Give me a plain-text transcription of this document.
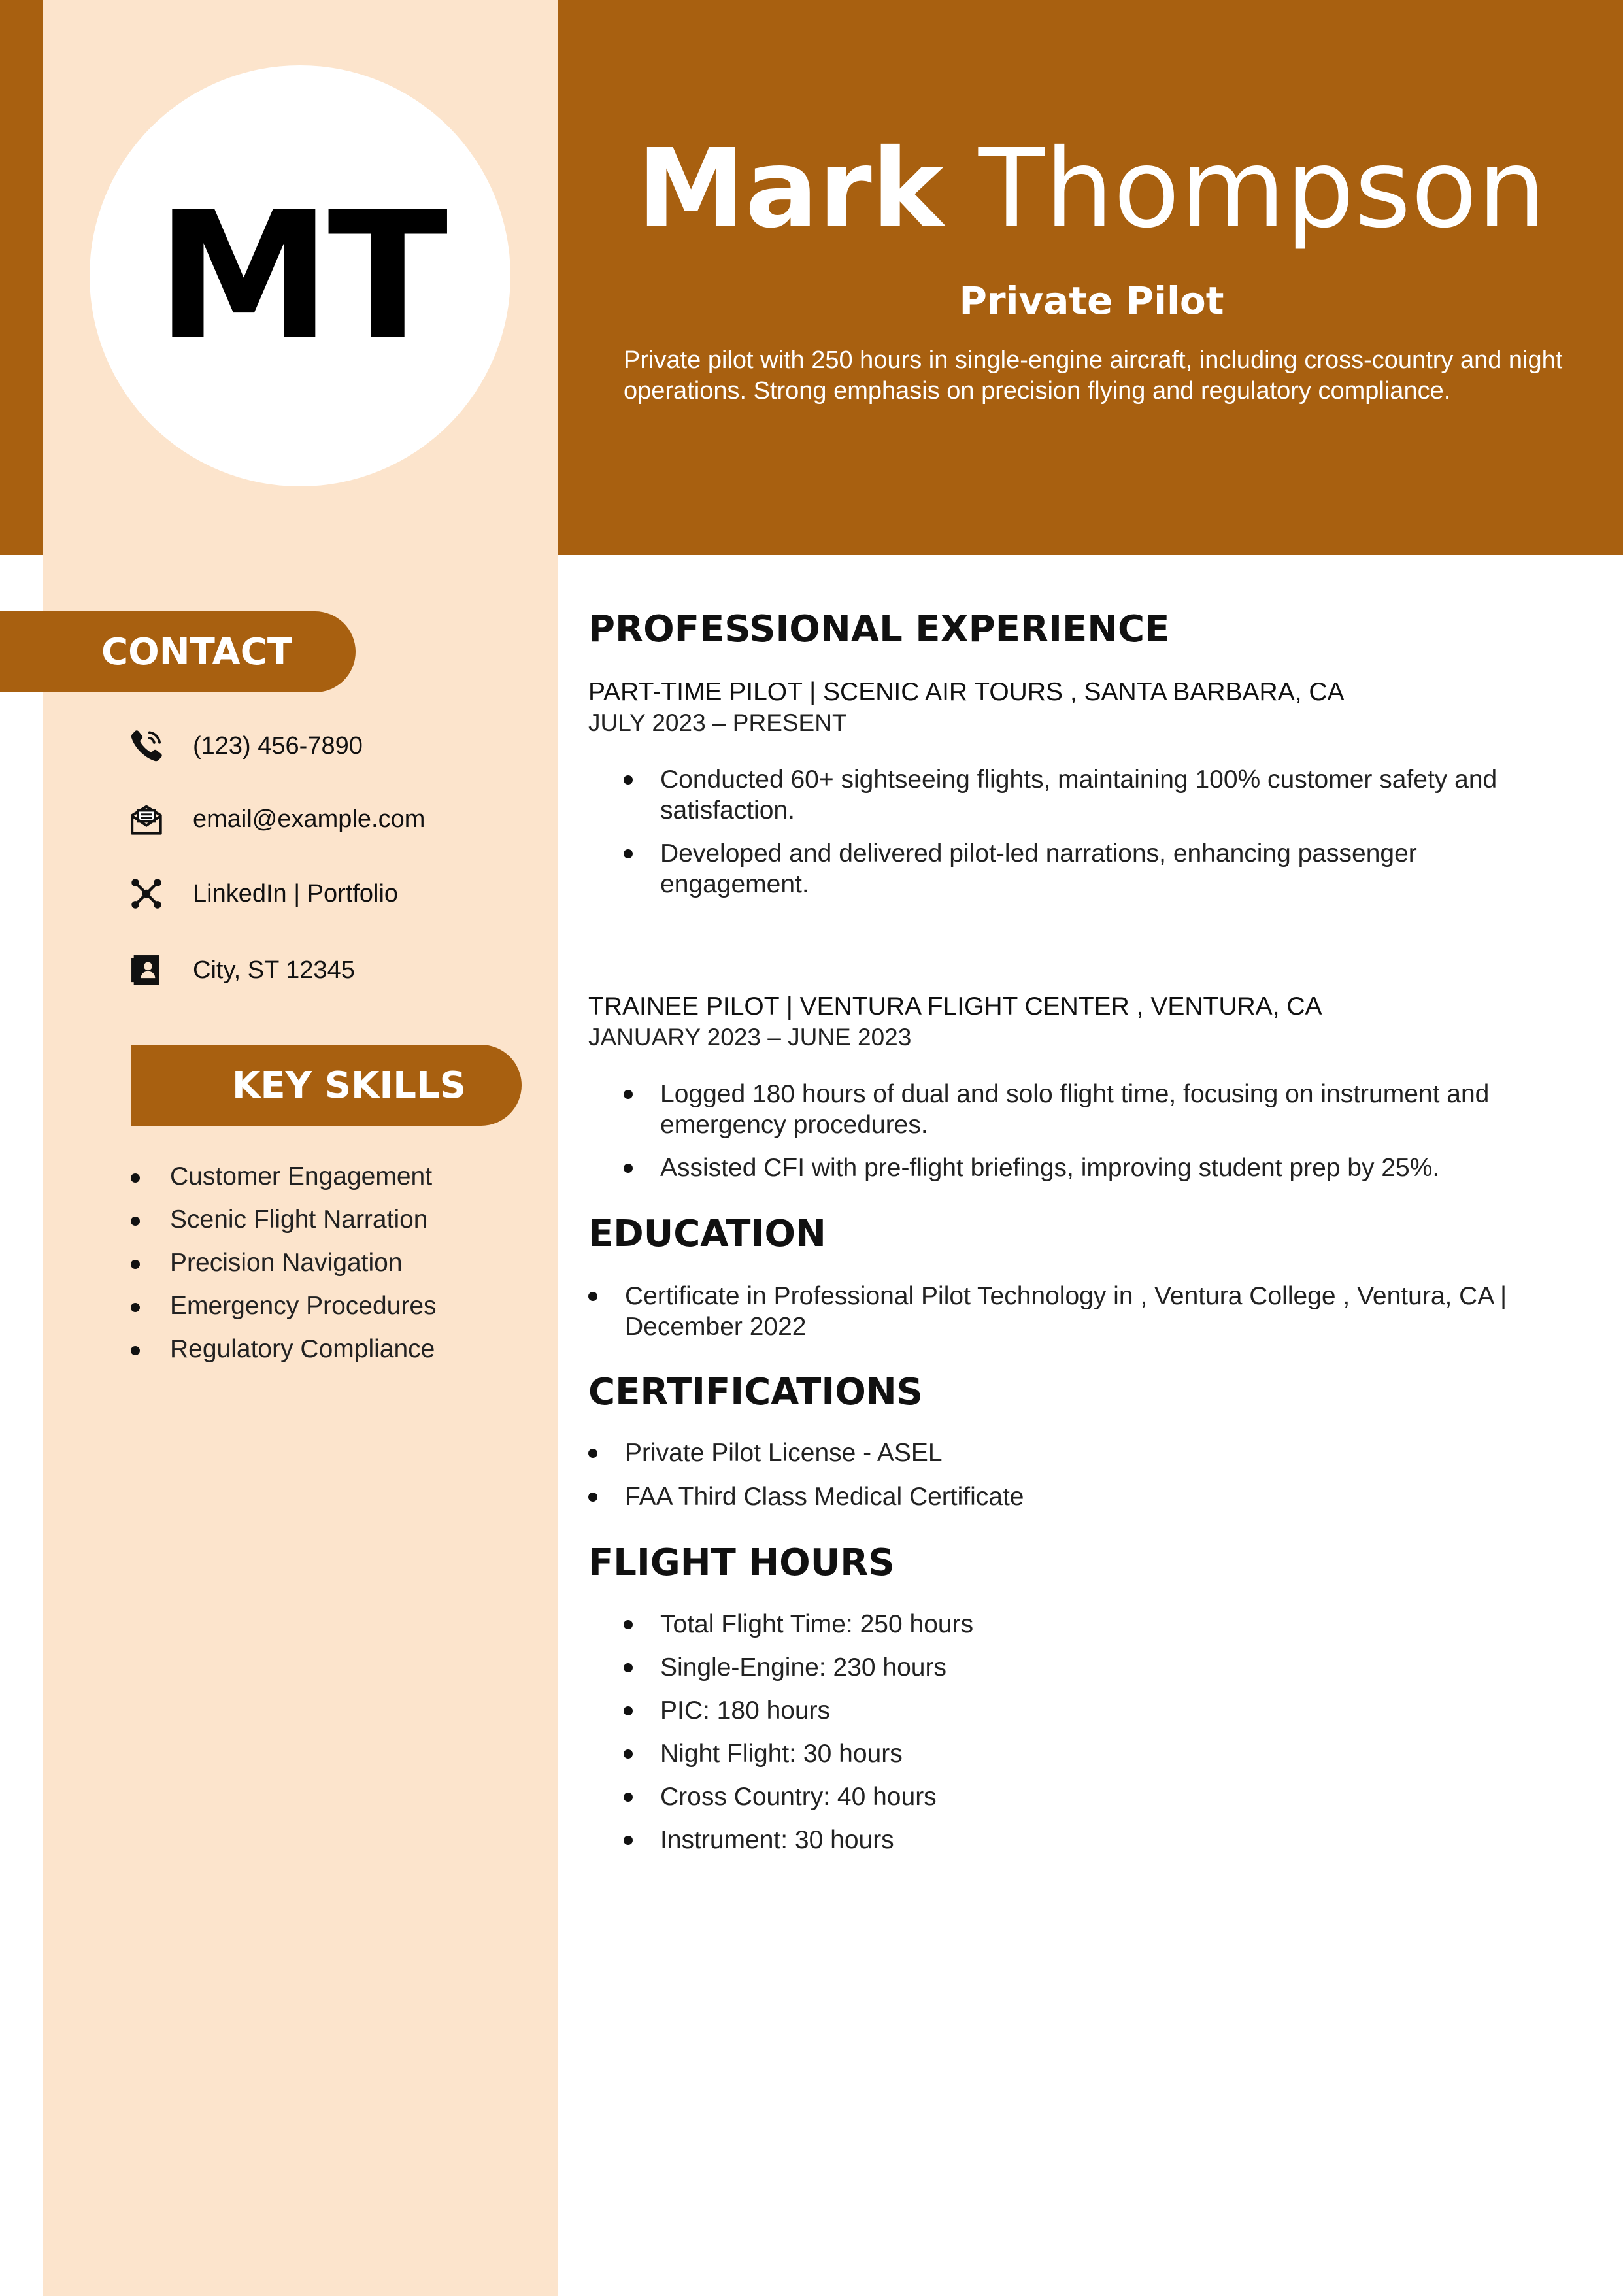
MT	Mark Thompson
Private Pilot
Private pilot with 250 hours in single-engine aircraft, including cross-country and night operations. Strong emphasis on precision flying and regulatory compliance.
CONTACT
(123) 456-7890
email@example.com
LinkedIn | Portfolio
City, ST 12345
KEY SKILLS
Customer Engagement
Scenic Flight Narration
Precision Navigation
Emergency Procedures
Regulatory Compliance
PROFESSIONAL EXPERIENCE
PART-TIME PILOT | SCENIC AIR TOURS , SANTA BARBARA, CA
JULY 2023 – PRESENT
Conducted 60+ sightseeing flights, maintaining 100% customer safety and satisfaction.
Developed and delivered pilot-led narrations, enhancing passenger engagement.
TRAINEE PILOT | VENTURA FLIGHT CENTER , VENTURA, CA
JANUARY 2023 – JUNE 2023
Logged 180 hours of dual and solo flight time, focusing on instrument and emergency procedures.
Assisted CFI with pre-flight briefings, improving student prep by 25%.
EDUCATION
Certificate in Professional Pilot Technology in , Ventura College , Ventura, CA | December 2022
CERTIFICATIONS
Private Pilot License - ASEL
FAA Third Class Medical Certificate
FLIGHT HOURS
Total Flight Time: 250 hours
Single-Engine: 230 hours
PIC: 180 hours
Night Flight: 30 hours
Cross Country: 40 hours
Instrument: 30 hours
